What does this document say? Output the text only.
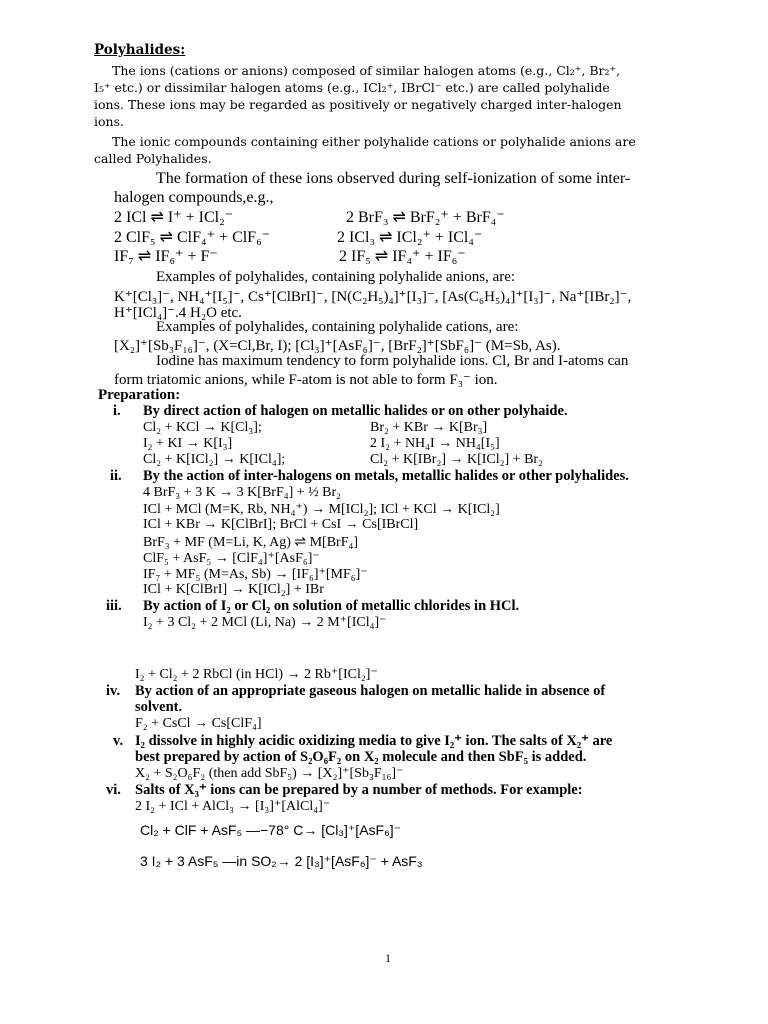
Polyhalides:
The ions (cations or anions) composed of similar halogen atoms (e.g., Cl₂⁺, Br₂⁺,
I₅⁺ etc.) or dissimilar halogen atoms (e.g., ICl₂⁺, IBrCl⁻ etc.) are called polyhalide
ions. These ions may be regarded as positively or negatively charged inter-halogen
ions.
The ionic compounds containing either polyhalide cations or polyhalide anions are
called Polyhalides.
The formation of these ions observed during self-ionization of some inter-
halogen compounds,e.g.,
2 ICl ⇌ I⁺ + ICl₂⁻	2 BrF₃ ⇌ BrF₂⁺ + BrF₄⁻
2 ClF₅ ⇌ ClF₄⁺ + ClF₆⁻	2 ICl₃ ⇌ ICl₂⁺ + ICl₄⁻
IF₇ ⇌ IF₆⁺ + F⁻	2 IF₅ ⇌ IF₄⁺ + IF₆⁻
Examples of polyhalides, containing polyhalide anions, are:
K⁺[Cl₃]⁻, NH₄⁺[I₅]⁻, Cs⁺[ClBrI]⁻, [N(C₂H₅)₄]⁺[I₃]⁻, [As(C₆H₅)₄]⁺[I₃]⁻, Na⁺[IBr₂]⁻,
H⁺[ICl₄]⁻.4 H₂O etc.
Examples of polyhalides, containing polyhalide cations, are:
[X₂]⁺[Sb₃F₁₆]⁻, (X=Cl,Br, I); [Cl₃]⁺[AsF₆]⁻, [BrF₂]⁺[SbF₆]⁻ (M=Sb, As).
Iodine has maximum tendency to form polyhalide ions. Cl, Br and I-atoms can
form triatomic anions, while F-atom is not able to form F₃⁻ ion.
Preparation:
i. By direct action of halogen on metallic halides or on other polyhaide.
Cl₂ + KCl → K[Cl₃];	Br₂ + KBr → K[Br₃]
I₂ + KI → K[I₃]	2 I₂ + NH₄I → NH₄[I₅]
Cl₂ + K[ICl₂] → K[ICl₄];	Cl₂ + K[IBr₂] → K[ICl₂] + Br₂
ii. By the action of inter-halogens on metals, metallic halides or other polyhalides.
4 BrF₃ + 3 K → 3 K[BrF₄] + ½ Br₂
ICl + MCl (M=K, Rb, NH₄⁺) → M[ICl₂]; ICl + KCl → K[ICl₂]
ICl + KBr → K[ClBrI]; BrCl + CsI → Cs[IBrCl]
BrF₃ + MF (M=Li, K, Ag) ⇌ M[BrF₄]
ClF₅ + AsF₅ → [ClF₄]⁺[AsF₆]⁻
IF₇ + MF₅ (M=As, Sb) → [IF₆]⁺[MF₆]⁻
ICl + K[ClBrI] → K[ICl₂] + IBr
iii. By action of I₂ or Cl₂ on solution of metallic chlorides in HCl.
I₂ + 3 Cl₂ + 2 MCl (Li, Na) → 2 M⁺[ICl₄]⁻
I₂ + Cl₂ + 2 RbCl (in HCl) → 2 Rb⁺[ICl₂]⁻
iv. By action of an appropriate gaseous halogen on metallic halide in absence of
solvent.
F₂ + CsCl → Cs[ClF₄]
v. I₂ dissolve in highly acidic oxidizing media to give I₂⁺ ion. The salts of X₂⁺ are
best prepared by action of S₂O₆F₂ on X₂ molecule and then SbF₅ is added.
X₂ + S₂O₆F₂ (then add SbF₅) → [X₂]⁺[Sb₃F₁₆]⁻
vi. Salts of X₃⁺ ions can be prepared by a number of methods. For example:
2 I₂ + ICl + AlCl₃ → [I₃]⁺[AlCl₄]⁻
Cl₂ + ClF + AsF₅ —−78° C→ [Cl₃]⁺[AsF₆]⁻
3 I₂ + 3 AsF₅ —in SO₂→ 2 [I₃]⁺[AsF₆]⁻ + AsF₃
1
